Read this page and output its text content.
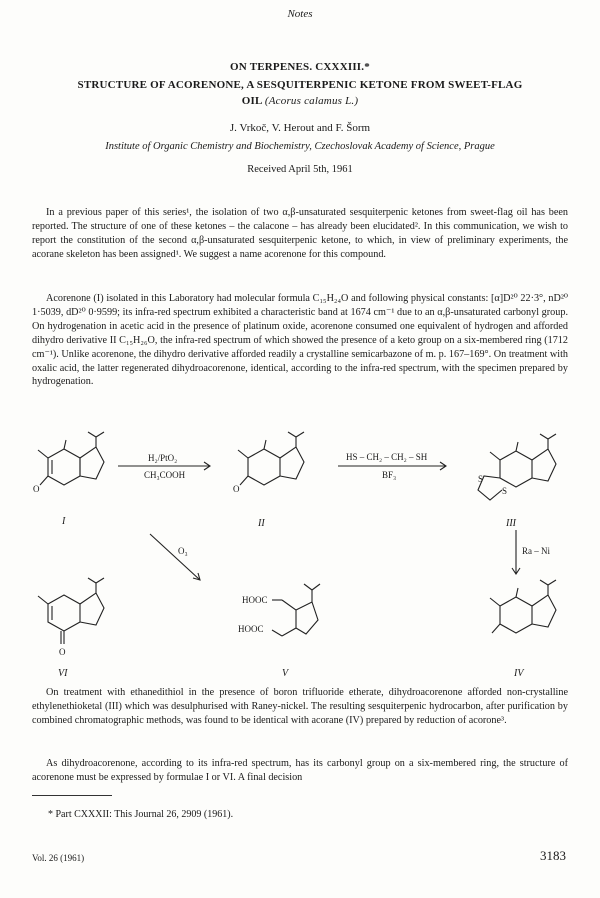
Notes
ON TERPENES. CXXXIII.*
STRUCTURE OF ACORENONE, A SESQUITERPENIC KETONE FROM SWEET-FLAG
OIL (Acorus calamus L.)
J. Vrkoč, V. Herout and F. Šorm
Institute of Organic Chemistry and Biochemistry, Czechoslovak Academy of Science, Prague
Received April 5th, 1961

In a previous paper of this series¹, the isolation of two α,β-unsaturated sesquiterpenic ketones from sweet-flag oil has been reported. The structure of one of these ketones – the calacone – has already been elucidated². In this communication, we wish to report the constitution of the second α,β-unsaturated sesquiterpenic ketone, to which, in view of preliminary experiments, the acorane skeleton has been assigned¹. We suggest a name acorenone for this compound.

Acorenone (I) isolated in this Laboratory had molecular formula C₁₅H₂₄O and following physical constants: [α]D²⁰ 22·3°, nD²⁰ 1·5039, dD²⁰ 0·9599; its infra-red spectrum exhibited a characteristic band at 1674 cm⁻¹ due to an α,β-unsaturated carbonyl group. On hydrogenation in acetic acid in the presence of platinum oxide, acorenone consumed one equivalent of hydrogen and afforded dihydro derivative II C₁₅H₂₆O, the infra-red spectrum of which showed the presence of a keto group on a six-membered ring (1712 cm⁻¹). Unlike acorenone, the dihydro derivative afforded readily a crystalline semicarbazone of m. p. 167–169°. On treatment with oxalic acid, the latter regenerated dihydroacorenone, identical, according to the infra-red spectrum, with the specimen prepared by hydrogenation.

O	O
O
S
S
HOOC
HOOC
H₂/PtO₂
CH₃COOH
HS – CH₂ – CH₂ – SH
BF₃
Ra – Ni
O₃
I	II	III
IV
V
VI

On treatment with ethanedithiol in the presence of boron trifluoride etherate, dihydroacorenone afforded non-crystalline ethylenethioketal (III) which was desulphurised with Raney-nickel. The resulting sesquiterpenic hydrocarbon, after purification by combined chromatographic methods, was found to be identical with acorane (IV) prepared by reduction of acorone³.

As dihydroacorenone, according to its infra-red spectrum, has its carbonyl group on a six-membered ring, the structure of acorenone must be expressed by formulae I or VI. A final decision

* Part CXXXII: This Journal 26, 2909 (1961).
Vol. 26 (1961)	3183
